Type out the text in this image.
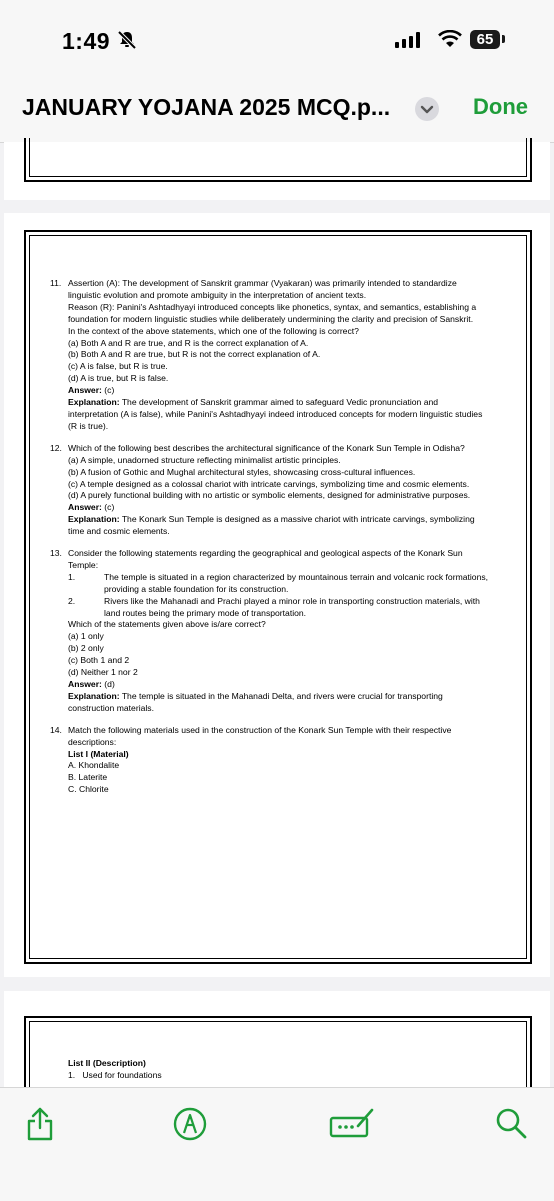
1:49	65
JANUARY YOJANA 2025 MCQ.p...	Done
11. Assertion (A): The development of Sanskrit grammar (Vyakaran) was primarily intended to standardize linguistic evolution and promote ambiguity in the interpretation of ancient texts.

Reason (R): Panini's Ashtadhyayi introduced concepts like phonetics, syntax, and semantics, establishing a foundation for modern linguistic studies while deliberately undermining the clarity and precision of Sanskrit.

In the context of the above statements, which one of the following is correct?

(a) Both A and R are true, and R is the correct explanation of A.

(b) Both A and R are true, but R is not the correct explanation of A.

(c) A is false, but R is true.

(d) A is true, but R is false.

Answer: (c)

Explanation: The development of Sanskrit grammar aimed to safeguard Vedic pronunciation and interpretation (A is false), while Panini's Ashtadhyayi indeed introduced concepts for modern linguistic studies (R is true).

12. Which of the following best describes the architectural significance of the Konark Sun Temple in Odisha?

(a) A simple, unadorned structure reflecting minimalist artistic principles.

(b) A fusion of Gothic and Mughal architectural styles, showcasing cross-cultural influences.

(c) A temple designed as a colossal chariot with intricate carvings, symbolizing time and cosmic elements.

(d) A purely functional building with no artistic or symbolic elements, designed for administrative purposes.

Answer: (c)

Explanation: The Konark Sun Temple is designed as a massive chariot with intricate carvings, symbolizing time and cosmic elements.

13. Consider the following statements regarding the geographical and geological aspects of the Konark Sun Temple:

1.	The temple is situated in a region characterized by mountainous terrain and volcanic rock formations, providing a stable foundation for its construction.

2.	Rivers like the Mahanadi and Prachi played a minor role in transporting construction materials, with land routes being the primary mode of transportation.

Which of the statements given above is/are correct?

(a) 1 only

(b) 2 only

(c) Both 1 and 2

(d) Neither 1 nor 2

Answer: (d)

Explanation: The temple is situated in the Mahanadi Delta, and rivers were crucial for transporting construction materials.

14. Match the following materials used in the construction of the Konark Sun Temple with their respective descriptions:

List I (Material)

A. Khondalite

B. Laterite

C. Chlorite

List II (Description)

1. Used for foundations
